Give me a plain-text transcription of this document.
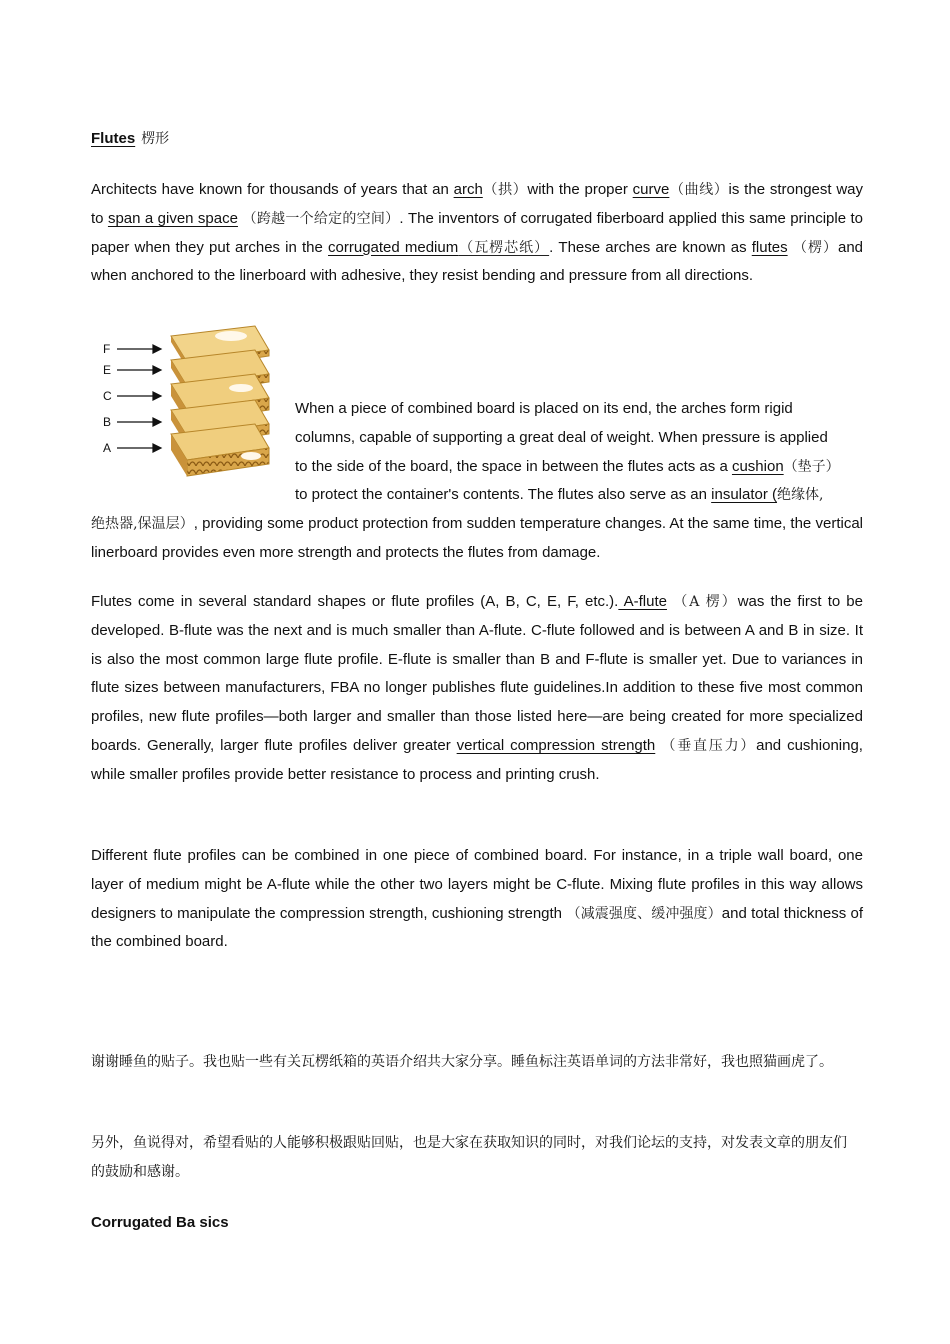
Flutes 楞形
Architects have known for thousands of years that an arch（拱）with the proper curve（曲线）is the strongest way to span a given space （跨越一个给定的空间）. The inventors of corrugated fiberboard applied this same principle to paper when they put arches in the corrugated medium（瓦楞芯纸）. These arches are known as flutes （楞）and when anchored to the linerboard with adhesive, they resist bending and pressure from all directions.
F
E
C
B
A
When a piece of combined board is placed on its end, the arches form rigid
columns, capable of supporting a great deal of weight. When pressure is applied
to the side of the board, the space in between the flutes acts as a cushion（垫子）
to protect the container's contents. The flutes also serve as an insulator (绝缘体,
绝热器,保温层）, providing some product protection from sudden temperature changes. At the same time, the vertical linerboard provides even more strength and protects the flutes from damage.
Flutes come in several standard shapes or flute profiles (A, B, C, E, F, etc.). A-flute （A 楞）was the first to be developed. B-flute was the next and is much smaller than A-flute. C-flute followed and is between A and B in size. It is also the most common large flute profile. E-flute is smaller than B and F-flute is smaller yet. Due to variances in flute sizes between manufacturers, FBA no longer publishes flute guidelines.In addition to these five most common profiles, new flute profiles—both larger and smaller than those listed here—are being created for more specialized boards. Generally, larger flute profiles deliver greater vertical compression strength （垂直压力）and cushioning, while smaller profiles provide better resistance to process and printing crush.
Different flute profiles can be combined in one piece of combined board. For instance, in a triple wall board, one layer of medium might be A-flute while the other two layers might be C-flute. Mixing flute profiles in this way allows designers to manipulate the compression strength, cushioning strength （减震强度、缓冲强度）and total thickness of the combined board.
谢谢睡鱼的贴子。我也贴一些有关瓦楞纸箱的英语介绍共大家分享。睡鱼标注英语单词的方法非常好，我也照猫画虎了。
另外，鱼说得对，希望看贴的人能够积极跟贴回贴，也是大家在获取知识的同时，对我们论坛的支持，对发表文章的朋友们的鼓励和感谢。
Corrugated Ba sics
